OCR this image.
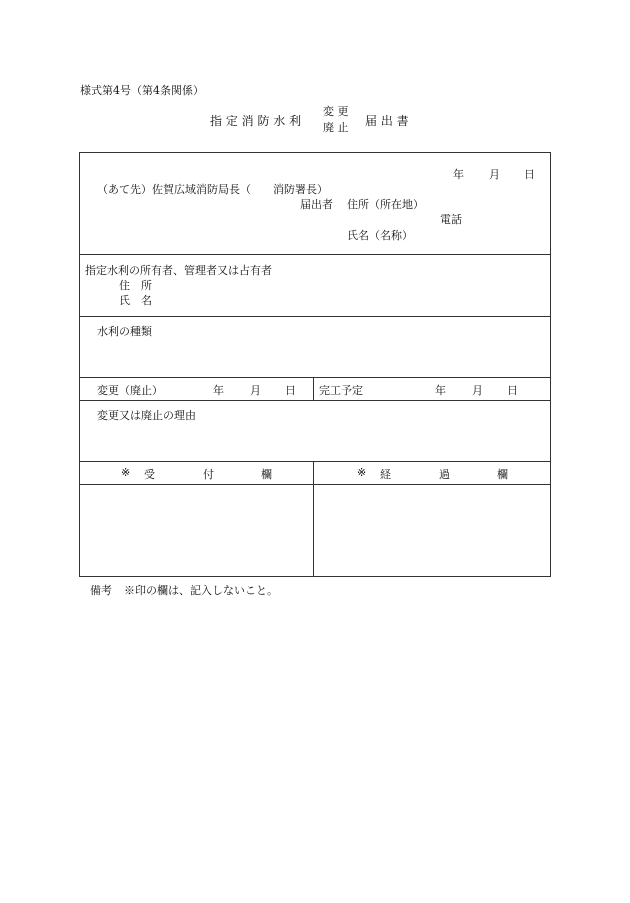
様式第4号（第4条関係）
指 定 消 防 水 利
変 更
廃 止 届 出 書
年 月 日
（あて先）佐賀広域消防局長（　　消防署長）
届出者 住所（所在地）
電話
氏名（名称）
指定水利の所有者、管理者又は占有者
住　所
氏　名
水利の種類
変更（廃止）	年 月 日 完工予定	年 月 日
変更又は廃止の理由
※ 受	付	欄	※ 経	過	欄
備考 ※印の欄は、記入しないこと。
